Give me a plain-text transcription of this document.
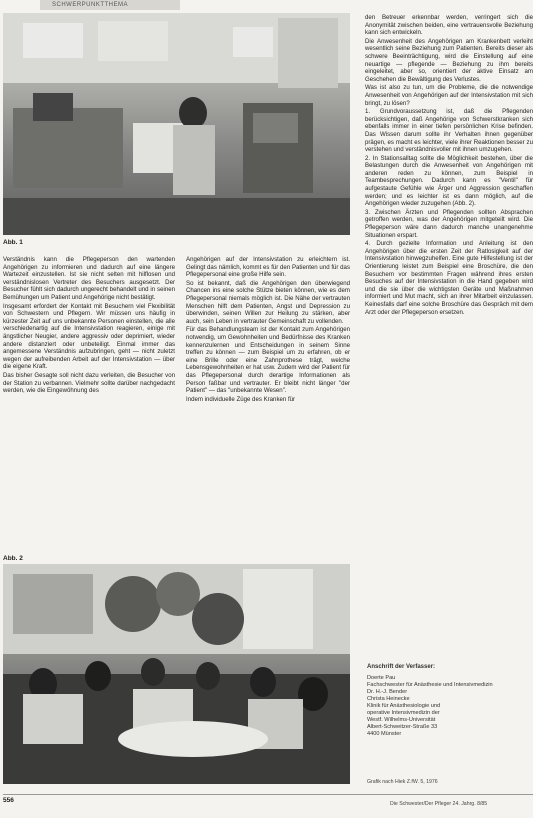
SCHWERPUNKTTHEMA
Abb. 1

Verständnis kann die Pflegeperson den wartenden Angehörigen zu informieren und dadurch auf eine längere Wartezeit einzustellen. Ist sie nicht selten mit hilflosen und verständnislosen Vertreter des Besuchers ausgesetzt. Der Besucher fühlt sich dadurch ungerecht behandelt und in seinen Bemühungen um Patient und Angehörige nicht bestätigt.

Insgesamt erfordert der Kontakt mit Besuchern viel Flexibilität von Schwestern und Pflegern. Wir müssen uns häufig in kürzester Zeit auf uns unbekannte Personen einstellen, die alle verschiedenartig auf die Intensivstation reagieren, einige mit ängstlicher Neugier, andere aggressiv oder deprimiert, wieder andere distanziert oder unbeteiligt. Einmal immer das angemessene Verständnis aufzubringen, geht — nicht zuletzt wegen der aufreibenden Arbeit auf der Intensivstation — über die eigene Kraft.

Das bisher Gesagte soll nicht dazu verleiten, die Besucher von der Station zu verbannen. Vielmehr sollte darüber nachgedacht werden, wie die Eingewöhnung des

Angehörigen auf der Intensivstation zu erleichtern ist. Gelingt das nämlich, kommt es für den Patienten und für das Pflegepersonal eine große Hilfe sein.

So ist bekannt, daß die Angehörigen den überwiegend Chancen ins eine solche Stütze bieten können, wie es dem Pflegepersonal niemals möglich ist. Die Nähe der vertrauten Menschen hilft dem Patienten, Angst und Depression zu überwinden, seinen Willen zur Heilung zu stärken, aber auch, sein Leben in vertrauter Gemeinschaft zu vollenden.

Für das Behandlungsteam ist der Kontakt zum Angehörigen notwendig, um Gewohnheiten und Bedürfnisse des Kranken kennenzulernen und Entscheidungen in seinem Sinne treffen zu können — zum Beispiel um zu erfahren, ob er eine Brille oder eine Zahnprothese trägt, welche Lebensgewohnheiten er hat usw. Zudem wird der Patient für das Pflegepersonal durch derartige Informationen als Person faßbar und vertrauter. Er bleibt nicht länger "der Patient" — das "unbekannte Wesen".

Indem individuelle Züge des Kranken für

Abb. 2

den Betreuer erkennbar werden, verringert sich die Anonymität zwischen beiden, eine vertrauensvolle Beziehung kann sich entwickeln.

Die Anwesenheit des Angehörigen am Krankenbett verleiht wesentlich seine Beziehung zum Patienten. Bereits dieser als schwere Beeinträchtigung, wird die Einstellung auf eine neuartige — pflegende — Beziehung zu ihm bereits eingeleitet, aber so, orientiert der aktive Einsatz am Geschehen die Bewältigung des Verlustes.

Was ist also zu tun, um die Probleme, die die notwendige Anwesenheit von Angehörigen auf der Intensivstation mit sich bringt, zu lösen?

1. Grundvoraussetzung ist, daß die Pflegenden berücksichtigen, daß Angehörige von Schwerstkranken sich ebenfalls immer in einer tiefen persönlichen Krise befinden. Das Wissen darum sollte ihr Verhalten ihnen gegenüber prägen, es macht es leichter, viele ihrer Reaktionen besser zu verstehen und verständnisvoller mit ihnen umzugehen.

2. In Stationsalltag sollte die Möglichkeit bestehen, über die Belastungen durch die Anwesenheit von Angehörigen mit anderen reden zu können, zum Beispiel in Teambesprechungen. Dadurch kann es "Ventil" für aufgestaute Gefühle wie Ärger und Aggression geschaffen werden; und es leichter ist es dann möglich, auf die Angehörigen wieder zuzugehen (Abb. 2).

3. Zwischen Ärzten und Pflegenden sollten Absprachen getroffen werden, was der Angehörigen mitgeteilt wird. Die Pflegeperson wäre dann dadurch manche unangenehme Situationen erspart.

4. Durch gezielte Information und Anleitung ist den Angehörigen über die ersten Zeit der Ratlosigkeit auf der Intensivstation hinwegzuhelfen. Eine gute Hilfestellung ist der Orientierung leistet zum Beispiel eine Broschüre, die den Besuchern vor bestimmten Fragen während ihres ersten Besuches auf der Intensivstation in die Hand gegeben wird und die sie über die wichtigsten Geräte und Maßnahmen informiert und Mut macht, sich an ihrer Mitarbeit einzulassen. Keinesfalls darf eine solche Broschüre das Gespräch mit dem Arzt oder der Pflegeperson ersetzen.

Anschrift der Verfasser:
Doerte Pau
Fachschwester für Anästhesie und Intensivmedizin
Dr. H.-J. Bender
Christa Heinecke
Klinik für Anästhesiologie und
operative Intensivmedizin der
Westf. Wilhelms-Universität
Albert-Schweitzer-Straße 33
4400 Münster
Grafik nach Hiek Z.fW. 5, 1976
556	Die Schwester/Der Pfleger 24. Jahrg. 8/85
